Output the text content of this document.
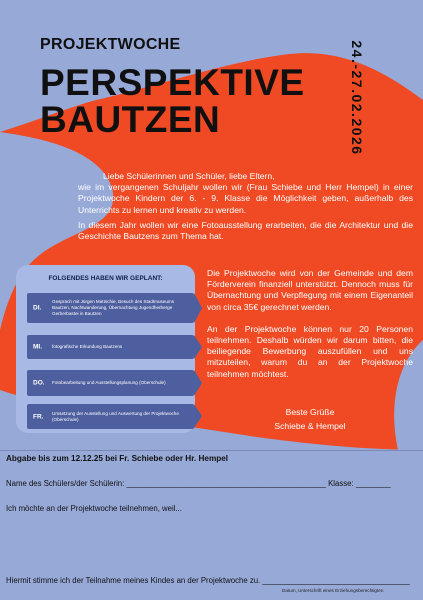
PROJEKTWOCHE
PERSPEKTIVE
BAUTZEN	24.-27.02.2026

Liebe Schülerinnen und Schüler, liebe Eltern,

wie im vergangenen Schuljahr wollen wir (Frau Schiebe und Herr Hempel) in einer Projektwoche Kindern der 6. - 9. Klasse die Möglichkeit geben, außerhalb des Unterrichts zu lernen und kreativ zu werden.

In diesem Jahr wollen wir eine Fotoausstellung erarbeiten, die die Architektur und die Geschichte Bautzens zum Thema hat.

FOLGENDES HABEN WIR GEPLANT:
DI.
Gespräch mit Jürgen Mattschie, Besuch des Stadtmuseums Bautzen, Nachtwanderung, Übernachtung Jugendherberge Gerberbastei in Bautzen
MI. fotografische Erkundung Bautzens
DO. Fotobearbeitung und Ausstellungsplanung (Oberschule)
FR. Umsetzung der Ausstellung und Auswertung der Projektwoche (Oberschule)

Die Projektwoche wird von der Gemeinde und dem Förderverein finanziell unterstützt. Dennoch muss für Übernachtung und Verpflegung mit einem Eigenanteil von circa 35€ gerechnet werden.

An der Projektwoche können nur 20 Personen teilnehmen. Deshalb würden wir darum bitten, die beiliegende Bewerbung auszufüllen und uns mitzuteilen, warum du an der Projektwoche teilnehmen möchtest.

Beste Grüße
Schiebe & Hempel
Abgabe bis zum 12.12.25 bei Fr. Schiebe oder Hr. Hempel
Name des Schülers/der Schülerin: ______________________________________________ Klasse: ________
Ich möchte an der Projektwoche teilnehmen, weil...
Hiermit stimme ich der Teilnahme meines Kindes an der Projektwoche zu. __________________________________
Datum, Unterschrift eines Erziehungsberechtigten
